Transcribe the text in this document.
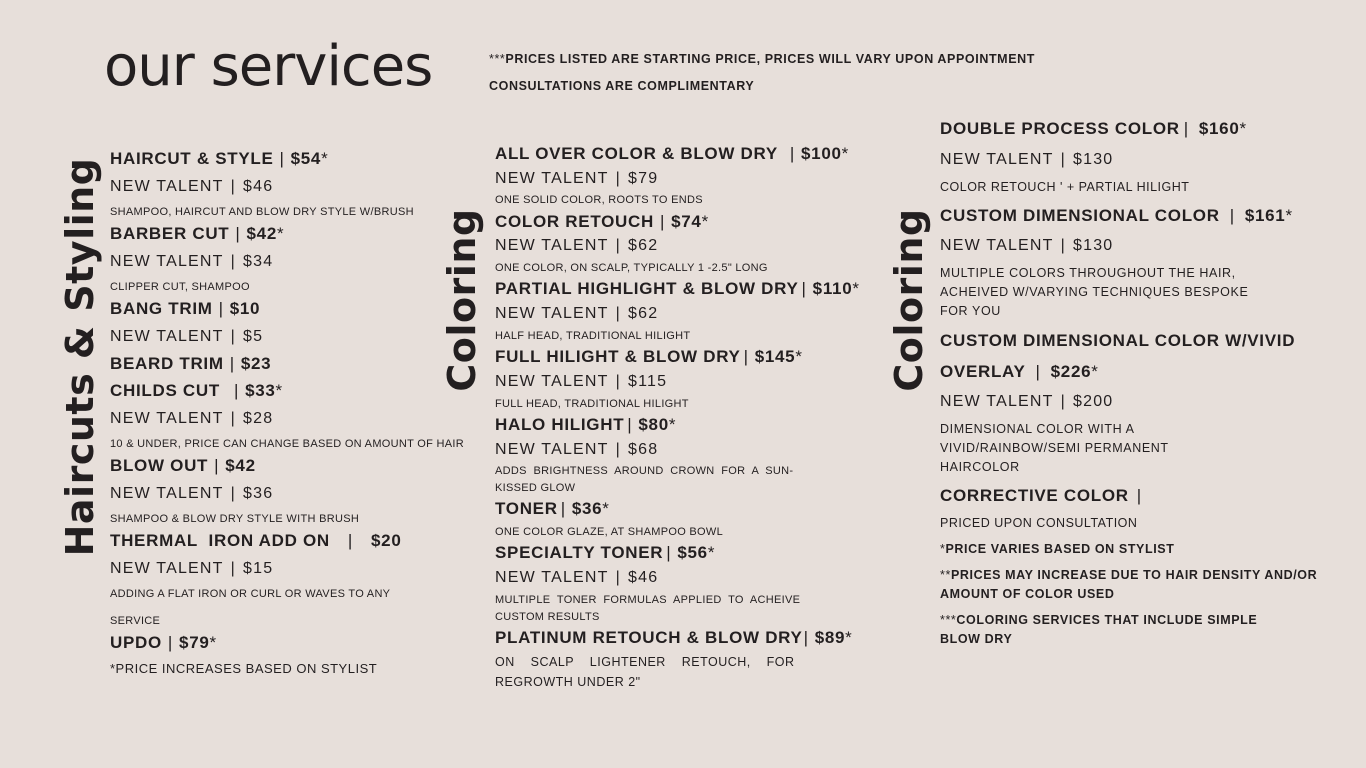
our services	***PRICES LISTED ARE STARTING PRICE, PRICES WILL VARY UPON APPOINTMENT
CONSULTATIONS ARE COMPLIMENTARY
Haircuts & Styling	Coloring	Coloring
HAIRCUT & STYLE | $54*
NEW TALENT | $46
SHAMPOO, HAIRCUT AND BLOW DRY STYLE W/BRUSH
BARBER CUT | $42*
NEW TALENT | $34
CLIPPER CUT, SHAMPOO
BANG TRIM | $10
NEW TALENT | $5
BEARD TRIM | $23
CHILDS CUT | $33*
NEW TALENT | $28
10 & UNDER, PRICE CAN CHANGE BASED ON AMOUNT OF HAIR
BLOW OUT | $42
NEW TALENT | $36
SHAMPOO & BLOW DRY STYLE WITH BRUSH
THERMAL  IRON ADD ON | $20
NEW TALENT | $15
ADDING A FLAT IRON OR CURL OR WAVES TO ANY
SERVICE
UPDO | $79*
*PRICE INCREASES BASED ON STYLIST
ALL OVER COLOR & BLOW DRY | $100*
NEW TALENT | $79
ONE SOLID COLOR, ROOTS TO ENDS
COLOR RETOUCH | $74*
NEW TALENT | $62
ONE COLOR, ON SCALP, TYPICALLY 1 -2.5" LONG
PARTIAL HIGHLIGHT & BLOW DRY | $110*
NEW TALENT | $62
HALF HEAD, TRADITIONAL HILIGHT
FULL HILIGHT & BLOW DRY | $145*
NEW TALENT | $115
FULL HEAD, TRADITIONAL HILIGHT
HALO HILIGHT | $80*
NEW TALENT | $68
ADDS  BRIGHTNESS  AROUND  CROWN  FOR  A  SUN-
KISSED GLOW
TONER | $36*
ONE COLOR GLAZE, AT SHAMPOO BOWL
SPECIALTY TONER | $56*
NEW TALENT | $46
MULTIPLE  TONER  FORMULAS  APPLIED  TO  ACHEIVE
CUSTOM RESULTS
PLATINUM RETOUCH & BLOW DRY| $89*
ON    SCALP    LIGHTENER    RETOUCH,    FOR
REGROWTH UNDER 2"
DOUBLE PROCESS COLOR | $160*
NEW TALENT | $130
COLOR RETOUCH ' + PARTIAL HILIGHT
CUSTOM DIMENSIONAL COLOR | $161*
NEW TALENT | $130
MULTIPLE COLORS THROUGHOUT THE HAIR, ACHEIVED W/VARYING TECHNIQUES BESPOKE FOR YOU
CUSTOM DIMENSIONAL COLOR W/VIVID
OVERLAY | $226*
NEW TALENT | $200
DIMENSIONAL COLOR WITH A VIVID/RAINBOW/SEMI PERMANENT HAIRCOLOR
CORRECTIVE COLOR |
PRICED UPON CONSULTATION
*PRICE VARIES BASED ON STYLIST
**PRICES MAY INCREASE DUE TO HAIR DENSITY AND/OR AMOUNT OF COLOR USED
***COLORING SERVICES THAT INCLUDE SIMPLE BLOW DRY
